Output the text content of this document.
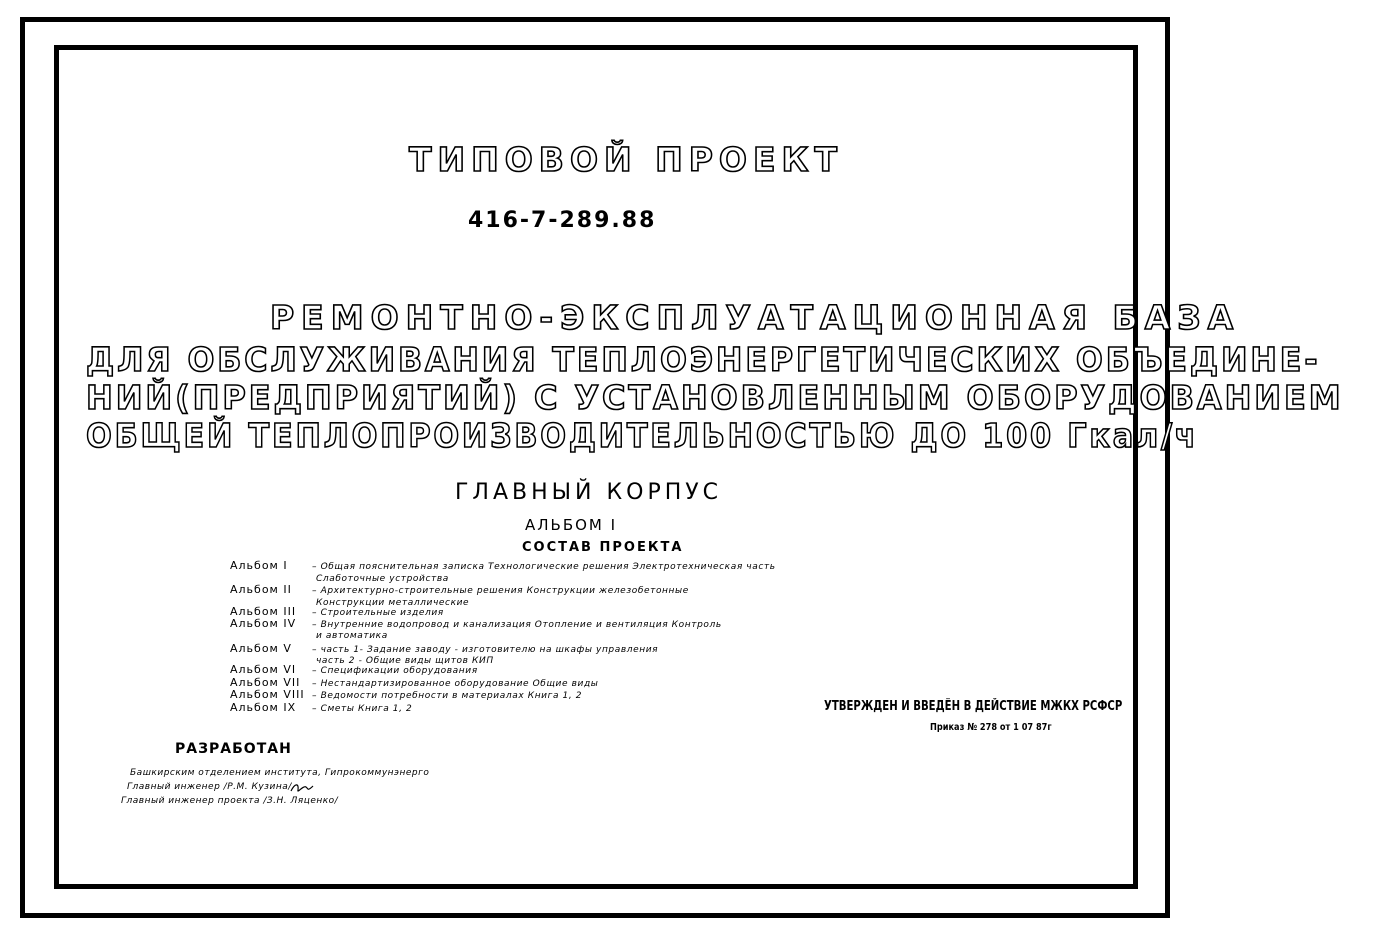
ТИПОВОЙ ПРОЕКТ
416-7-289.88
РЕМОНТНО-ЭКСПЛУАТАЦИОННАЯ БАЗА
ДЛЯ ОБСЛУЖИВАНИЯ ТЕПЛОЭНЕРГЕТИЧЕСКИХ ОБЪЕДИНЕ-
НИЙ(ПРЕДПРИЯТИЙ) С УСТАНОВЛЕННЫМ ОБОРУДОВАНИЕМ
ОБЩЕЙ ТЕПЛОПРОИЗВОДИТЕЛЬНОСТЬЮ ДО 100 Гкал/ч
ГЛАВНЫЙ КОРПУС
АЛЬБОМ I
СОСТАВ ПРОЕКТА
Альбом I	– Общая пояснительная записка Технологические решения Электротехническая часть
Слаботочные устройства
Альбом II – Архитектурно-строительные решения Конструкции железобетонные
Конструкции металлические
Альбом III – Строительные изделия
Альбом IV – Внутренние водопровод и канализация Отопление и вентиляция Контроль
и автоматика
Альбом V – часть 1- Задание заводу - изготовителю на шкафы управления
часть 2 - Общие виды щитов КИП
Альбом VI – Спецификации оборудования
Альбом VII – Нестандартизированное оборудование Общие виды
Альбом VIII – Ведомости потребности в материалах Книга 1, 2
Альбом IX – Сметы Книга 1, 2	УТВЕРЖДЕН И ВВЕДЁН В ДЕЙСТВИЕ МЖКХ РСФСР
Приказ № 278 от 1 07 87г
РАЗРАБОТАН
Башкирским отделением института, Гипрокоммунэнерго
Главный инженер /Р.М. Кузина/
Главный инженер проекта /З.Н. Ляценко/
